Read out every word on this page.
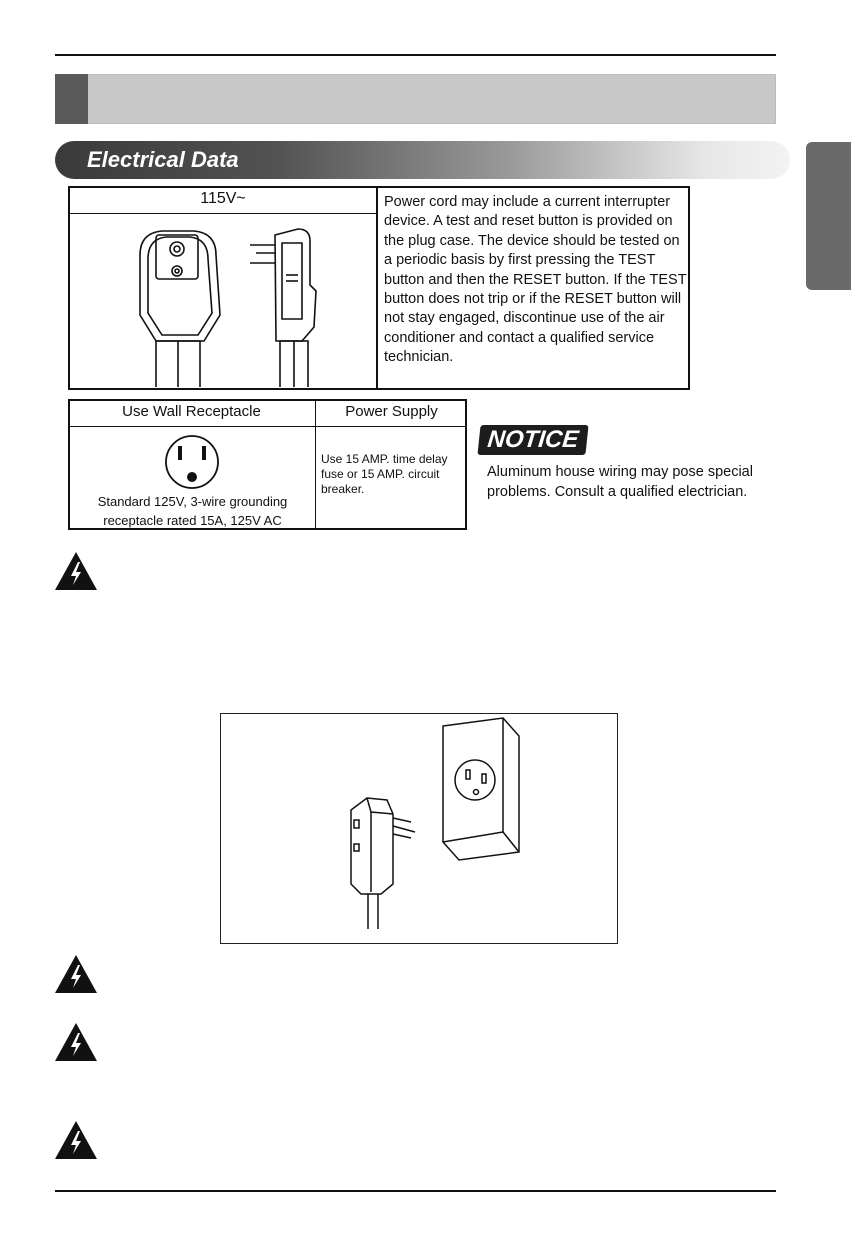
Electrical Data
115V~	Power cord may include a current interrupter device. A test and reset button is provided on the plug case. The device should be tested on a periodic basis by first pressing the TEST button and then the RESET button. If the TEST button does not trip or if the RESET button will not stay engaged, discontinue use of the air conditioner and contact a qualified service technician.
Use Wall Receptacle	Power Supply
Standard 125V, 3-wire grounding receptacle rated 15A, 125V AC
Use 15 AMP. time delay fuse or 15 AMP. circuit breaker.
NOTICE
Aluminum house wiring may pose special problems. Consult a qualified electrician.
